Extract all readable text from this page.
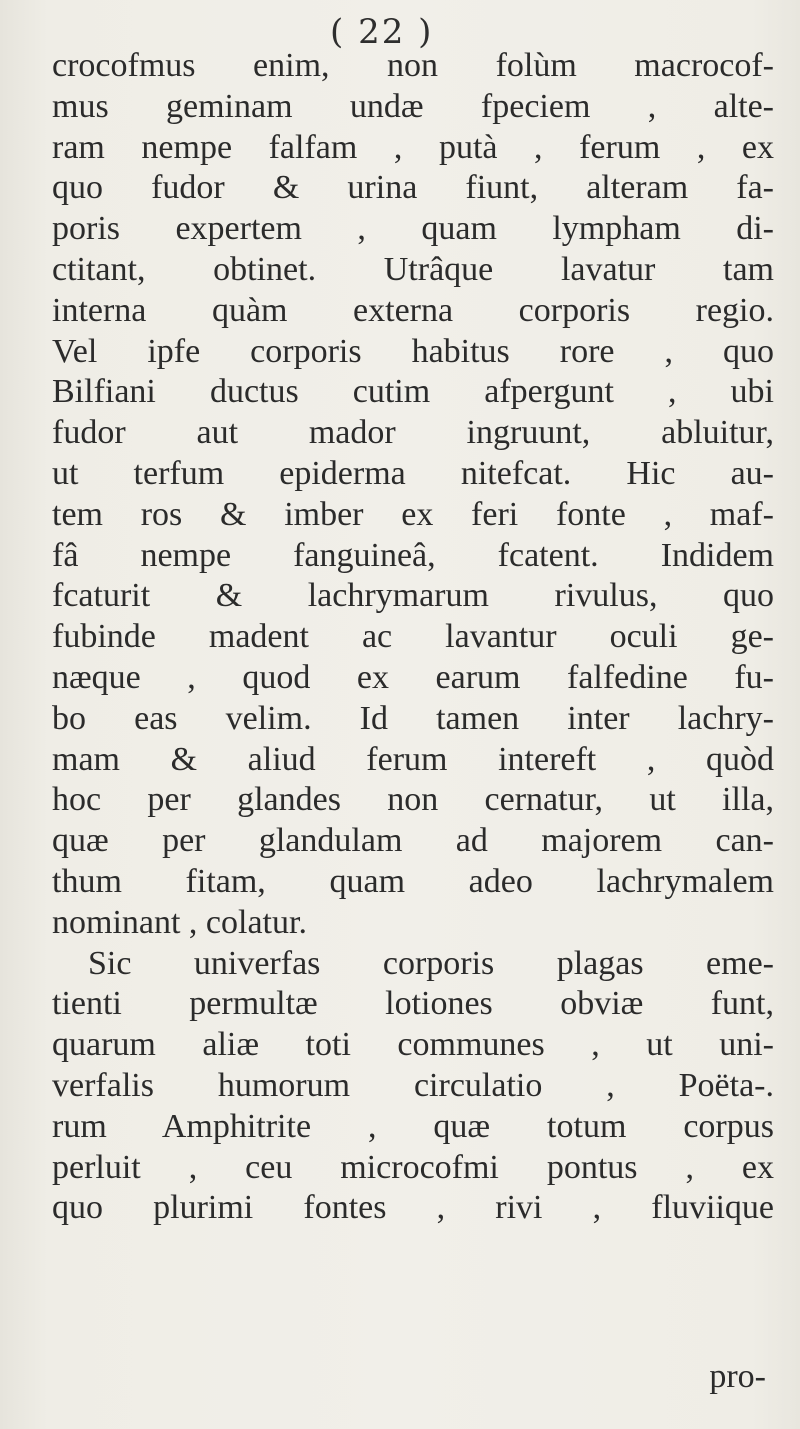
( 22 )
crocofmus enim, non folùm macrocof-
mus geminam undæ fpeciem , alte-
ram nempe falfam , putà , ferum , ex
quo fudor & urina fiunt, alteram fa-
poris expertem , quam lympham di-
ctitant, obtinet. Utrâque lavatur tam
interna quàm externa corporis regio.
Vel ipfe corporis habitus rore , quo
Bilfiani ductus cutim afpergunt , ubi
fudor aut mador ingruunt, abluitur,
ut terfum epiderma nitefcat. Hic au-
tem ros & imber ex feri fonte , maf-
fâ nempe fanguineâ, fcatent. Indidem
fcaturit & lachrymarum rivulus, quo
fubinde madent ac lavantur oculi ge-
næque , quod ex earum falfedine fu-
bo eas velim. Id tamen inter lachry-
mam & aliud ferum intereft , quòd
hoc per glandes non cernatur, ut illa,
quæ per glandulam ad majorem can-
thum fitam, quam adeo lachrymalem
nominant , colatur.
Sic univerfas corporis plagas eme-
tienti permultæ lotiones obviæ funt,
quarum aliæ toti communes , ut uni-
verfalis humorum circulatio , Poëta-.
rum Amphitrite , quæ totum corpus
perluit , ceu microcofmi pontus , ex
quo plurimi fontes , rivi , fluviique
pro-
